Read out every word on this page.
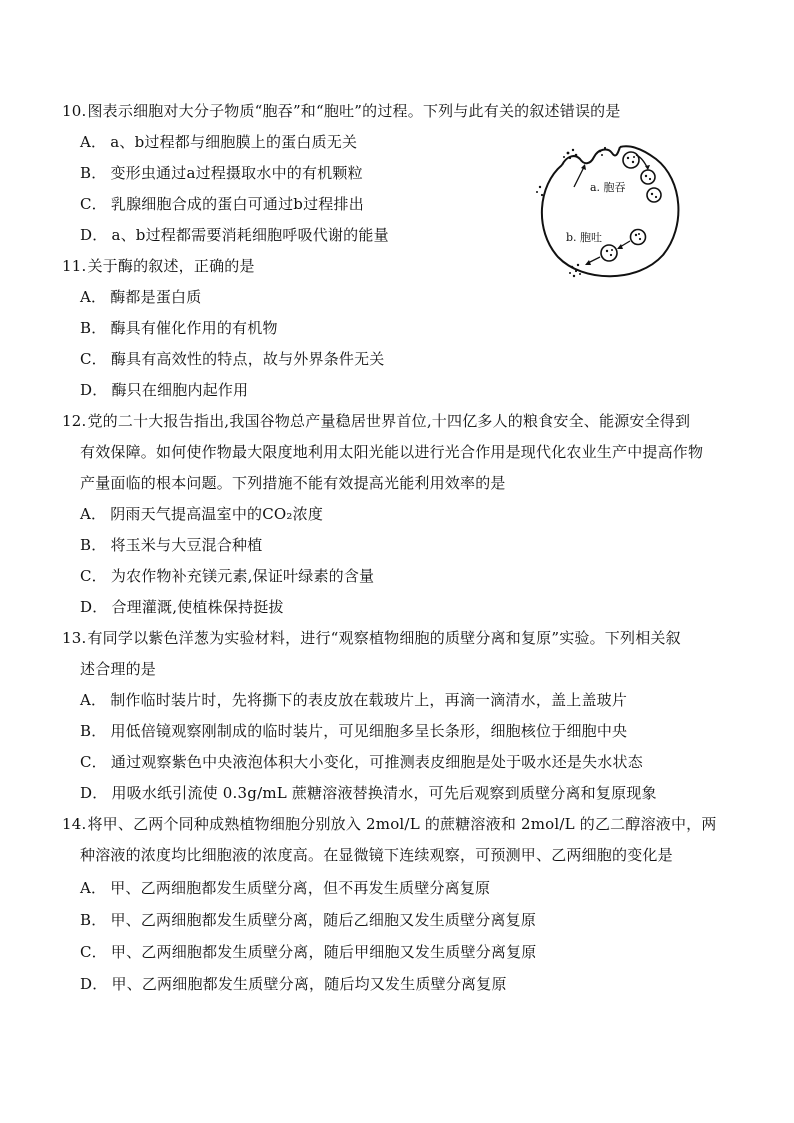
10.图表示细胞对大分子物质“胞吞”和“胞吐”的过程。下列与此有关的叙述错误的是
A． a、b过程都与细胞膜上的蛋白质无关
B． 变形虫通过a过程摄取水中的有机颗粒
C． 乳腺细胞合成的蛋白可通过b过程排出
D． a、b过程都需要消耗细胞呼吸代谢的能量
a. 胞吞
b. 胞吐
11.关于酶的叙述，正确的是
A． 酶都是蛋白质
B． 酶具有催化作用的有机物
C． 酶具有高效性的特点，故与外界条件无关
D． 酶只在细胞内起作用
12.党的二十大报告指出,我国谷物总产量稳居世界首位,十四亿多人的粮食安全、能源安全得到
有效保障。如何使作物最大限度地利用太阳光能以进行光合作用是现代化农业生产中提高作物
产量面临的根本问题。下列措施不能有效提高光能利用效率的是
A． 阴雨天气提高温室中的CO₂浓度
B． 将玉米与大豆混合种植
C． 为农作物补充镁元素,保证叶绿素的含量
D． 合理灌溉,使植株保持挺拔
13.有同学以紫色洋葱为实验材料，进行“观察植物细胞的质壁分离和复原”实验。下列相关叙
述合理的是
A． 制作临时装片时，先将撕下的表皮放在载玻片上，再滴一滴清水，盖上盖玻片
B． 用低倍镜观察刚制成的临时装片，可见细胞多呈长条形，细胞核位于细胞中央
C． 通过观察紫色中央液泡体积大小变化，可推测表皮细胞是处于吸水还是失水状态
D． 用吸水纸引流使 0.3g/mL 蔗糖溶液替换清水，可先后观察到质壁分离和复原现象
14.将甲、乙两个同种成熟植物细胞分别放入 2mol/L 的蔗糖溶液和 2mol/L 的乙二醇溶液中，两
种溶液的浓度均比细胞液的浓度高。在显微镜下连续观察，可预测甲、乙两细胞的变化是
A． 甲、乙两细胞都发生质壁分离，但不再发生质壁分离复原
B． 甲、乙两细胞都发生质壁分离，随后乙细胞又发生质壁分离复原
C． 甲、乙两细胞都发生质壁分离，随后甲细胞又发生质壁分离复原
D． 甲、乙两细胞都发生质壁分离，随后均又发生质壁分离复原
